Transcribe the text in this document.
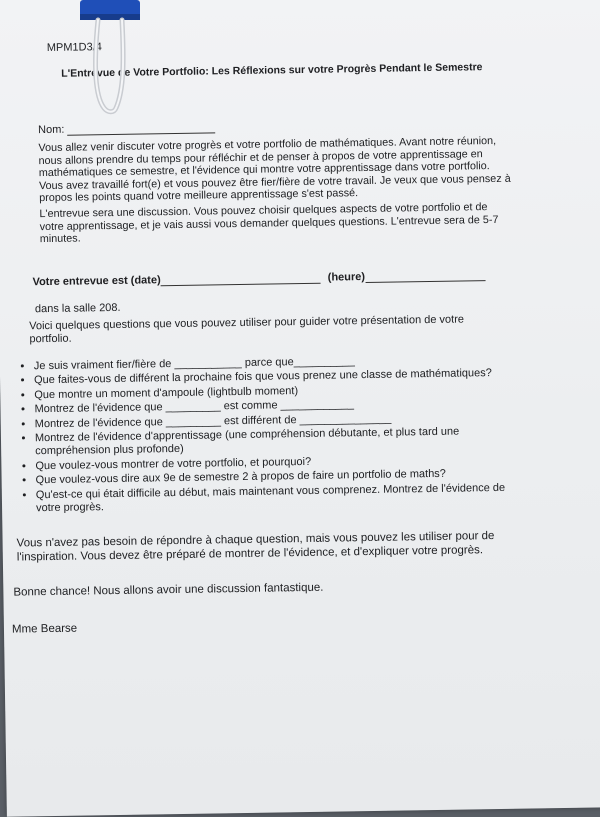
MPM1D3/4
L'Entrevue de Votre Portfolio: Les Réflexions sur votre Progrès Pendant le Semestre
Nom:
Vous allez venir discuter votre progrès et votre portfolio de mathématiques. Avant notre réunion, nous allons prendre du temps pour réfléchir et de penser à propos de votre apprentissage en mathématiques ce semestre, et l'évidence qui montre votre apprentissage dans votre portfolio. Vous avez travaillé fort(e) et vous pouvez être fier/fière de votre travail. Je veux que vous pensez à propos les points quand votre meilleure apprentissage s'est passé.
L'entrevue sera une discussion. Vous pouvez choisir quelques aspects de votre portfolio et de votre apprentissage, et je vais aussi vous demander quelques questions. L'entrevue sera de 5-7 minutes.
Votre entrevue est (date)	(heure)
dans la salle 208.
Voici quelques questions que vous pouvez utiliser pour guider votre présentation de votre portfolio.
• Je suis vraiment fier/fière de ___________ parce que__________
• Que faites-vous de différent la prochaine fois que vous prenez une classe de mathématiques?
• Que montre un moment d'ampoule (lightbulb moment)
• Montrez de l'évidence que _________ est comme ____________
• Montrez de l'évidence que _________ est différent de _______________
• Montrez de l'évidence d'apprentissage (une compréhension débutante, et plus tard une compréhension plus profonde)
• Que voulez-vous montrer de votre portfolio, et pourquoi?
• Que voulez-vous dire aux 9e de semestre 2 à propos de faire un portfolio de maths?
• Qu'est-ce qui était difficile au début, mais maintenant vous comprenez. Montrez de l'évidence de votre progrès.
Vous n'avez pas besoin de répondre à chaque question, mais vous pouvez les utiliser pour de l'inspiration. Vous devez être préparé de montrer de l'évidence, et d'expliquer votre progrès.
Bonne chance! Nous allons avoir une discussion fantastique.
Mme Bearse
